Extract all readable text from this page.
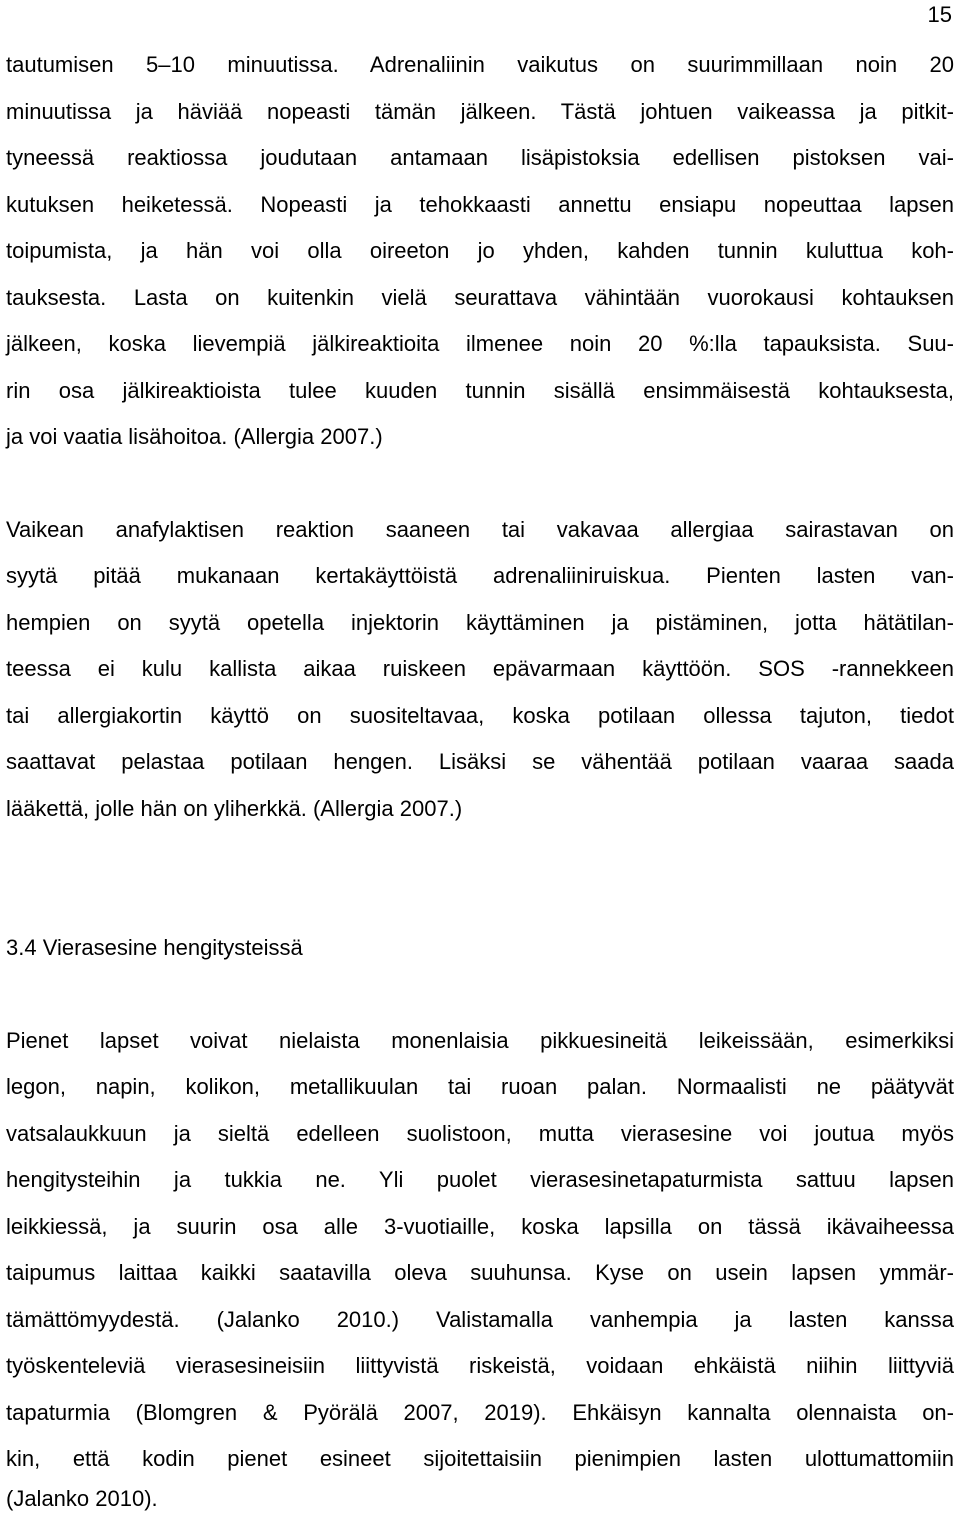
15
tautumisen 5–10 minuutissa. Adrenaliinin vaikutus on suurimmillaan noin 20
minuutissa ja häviää nopeasti tämän jälkeen. Tästä johtuen vaikeassa ja pitkit-
tyneessä reaktiossa joudutaan antamaan lisäpistoksia edellisen pistoksen vai-
kutuksen heiketessä. Nopeasti ja tehokkaasti annettu ensiapu nopeuttaa lapsen
toipumista, ja hän voi olla oireeton jo yhden, kahden tunnin kuluttua koh-
tauksesta. Lasta on kuitenkin vielä seurattava vähintään vuorokausi kohtauksen
jälkeen, koska lievempiä jälkireaktioita ilmenee noin 20 %:lla tapauksista. Suu-
rin osa jälkireaktioista tulee kuuden tunnin sisällä ensimmäisestä kohtauksesta,
ja voi vaatia lisähoitoa. (Allergia 2007.)
Vaikean anafylaktisen reaktion saaneen tai vakavaa allergiaa sairastavan on
syytä pitää mukanaan kertakäyttöistä adrenaliiniruiskua. Pienten lasten van-
hempien on syytä opetella injektorin käyttäminen ja pistäminen, jotta hätätilan-
teessa ei kulu kallista aikaa ruiskeen epävarmaan käyttöön. SOS -rannekkeen
tai allergiakortin käyttö on suositeltavaa, koska potilaan ollessa tajuton, tiedot
saattavat pelastaa potilaan hengen. Lisäksi se vähentää potilaan vaaraa saada
lääkettä, jolle hän on yliherkkä. (Allergia 2007.)
3.4 Vierasesine hengitysteissä
Pienet lapset voivat nielaista monenlaisia pikkuesineitä leikeissään, esimerkiksi
legon, napin, kolikon, metallikuulan tai ruoan palan. Normaalisti ne päätyvät
vatsalaukkuun ja sieltä edelleen suolistoon, mutta vierasesine voi joutua myös
hengitysteihin ja tukkia ne. Yli puolet vierasesinetapaturmista sattuu lapsen
leikkiessä, ja suurin osa alle 3-vuotiaille, koska lapsilla on tässä ikävaiheessa
taipumus laittaa kaikki saatavilla oleva suuhunsa. Kyse on usein lapsen ymmär-
tämättömyydestä. (Jalanko 2010.) Valistamalla vanhempia ja lasten kanssa
työskenteleviä vierasesineisiin liittyvistä riskeistä, voidaan ehkäistä niihin liittyviä
tapaturmia (Blomgren & Pyörälä 2007, 2019). Ehkäisyn kannalta olennaista on-
kin, että kodin pienet esineet sijoitettaisiin pienimpien lasten ulottumattomiin
(Jalanko 2010).
